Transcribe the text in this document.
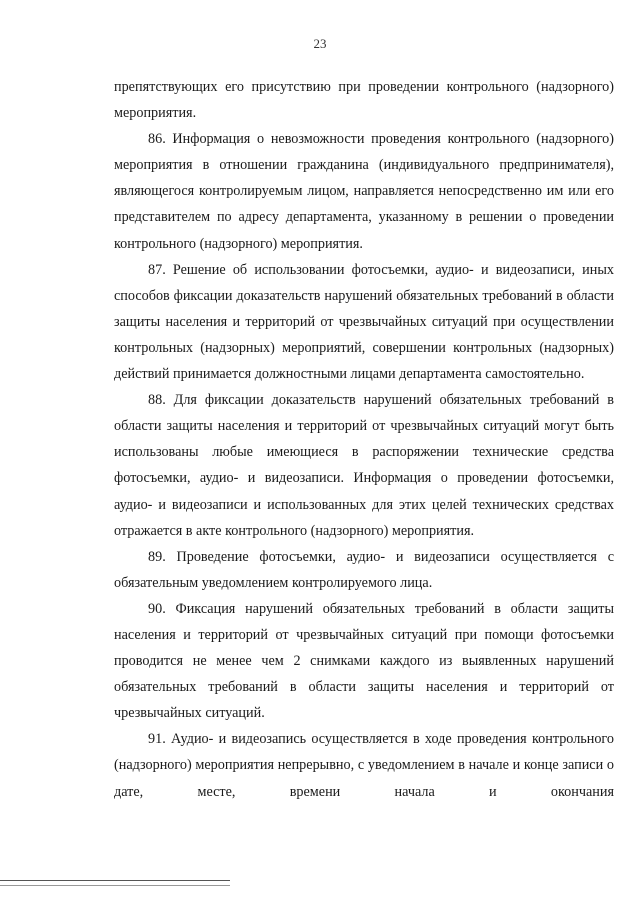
23

препятствующих его присутствию при проведении контрольного (надзорного) мероприятия.

86. Информация о невозможности проведения контрольного (надзорного) мероприятия в отношении гражданина (индивидуального предпринимателя), являющегося контролируемым лицом, направляется непосредственно им или его представителем по адресу департамента, указанному в решении о проведении контрольного (надзорного) мероприятия.

87. Решение об использовании фотосъемки, аудио- и видеозаписи, иных способов фиксации доказательств нарушений обязательных требований в области защиты населения и территорий от чрезвычайных ситуаций при осуществлении контрольных (надзорных) мероприятий, совершении контрольных (надзорных) действий принимается должностными лицами департамента самостоятельно.

88. Для фиксации доказательств нарушений обязательных требований в области защиты населения и территорий от чрезвычайных ситуаций могут быть использованы любые имеющиеся в распоряжении технические средства фотосъемки, аудио- и видеозаписи. Информация о проведении фотосъемки, аудио- и видеозаписи и использованных для этих целей технических средствах отражается в акте контрольного (надзорного) мероприятия.

89. Проведение фотосъемки, аудио- и видеозаписи осуществляется с обязательным уведомлением контролируемого лица.

90. Фиксация нарушений обязательных требований в области защиты населения и территорий от чрезвычайных ситуаций при помощи фотосъемки проводится не менее чем 2 снимками каждого из выявленных нарушений обязательных требований в области защиты населения и территорий от чрезвычайных ситуаций.

91. Аудио- и видеозапись осуществляется в ходе проведения контрольного (надзорного) мероприятия непрерывно, с уведомлением в начале и конце записи о дате, месте, времени начала и окончания
